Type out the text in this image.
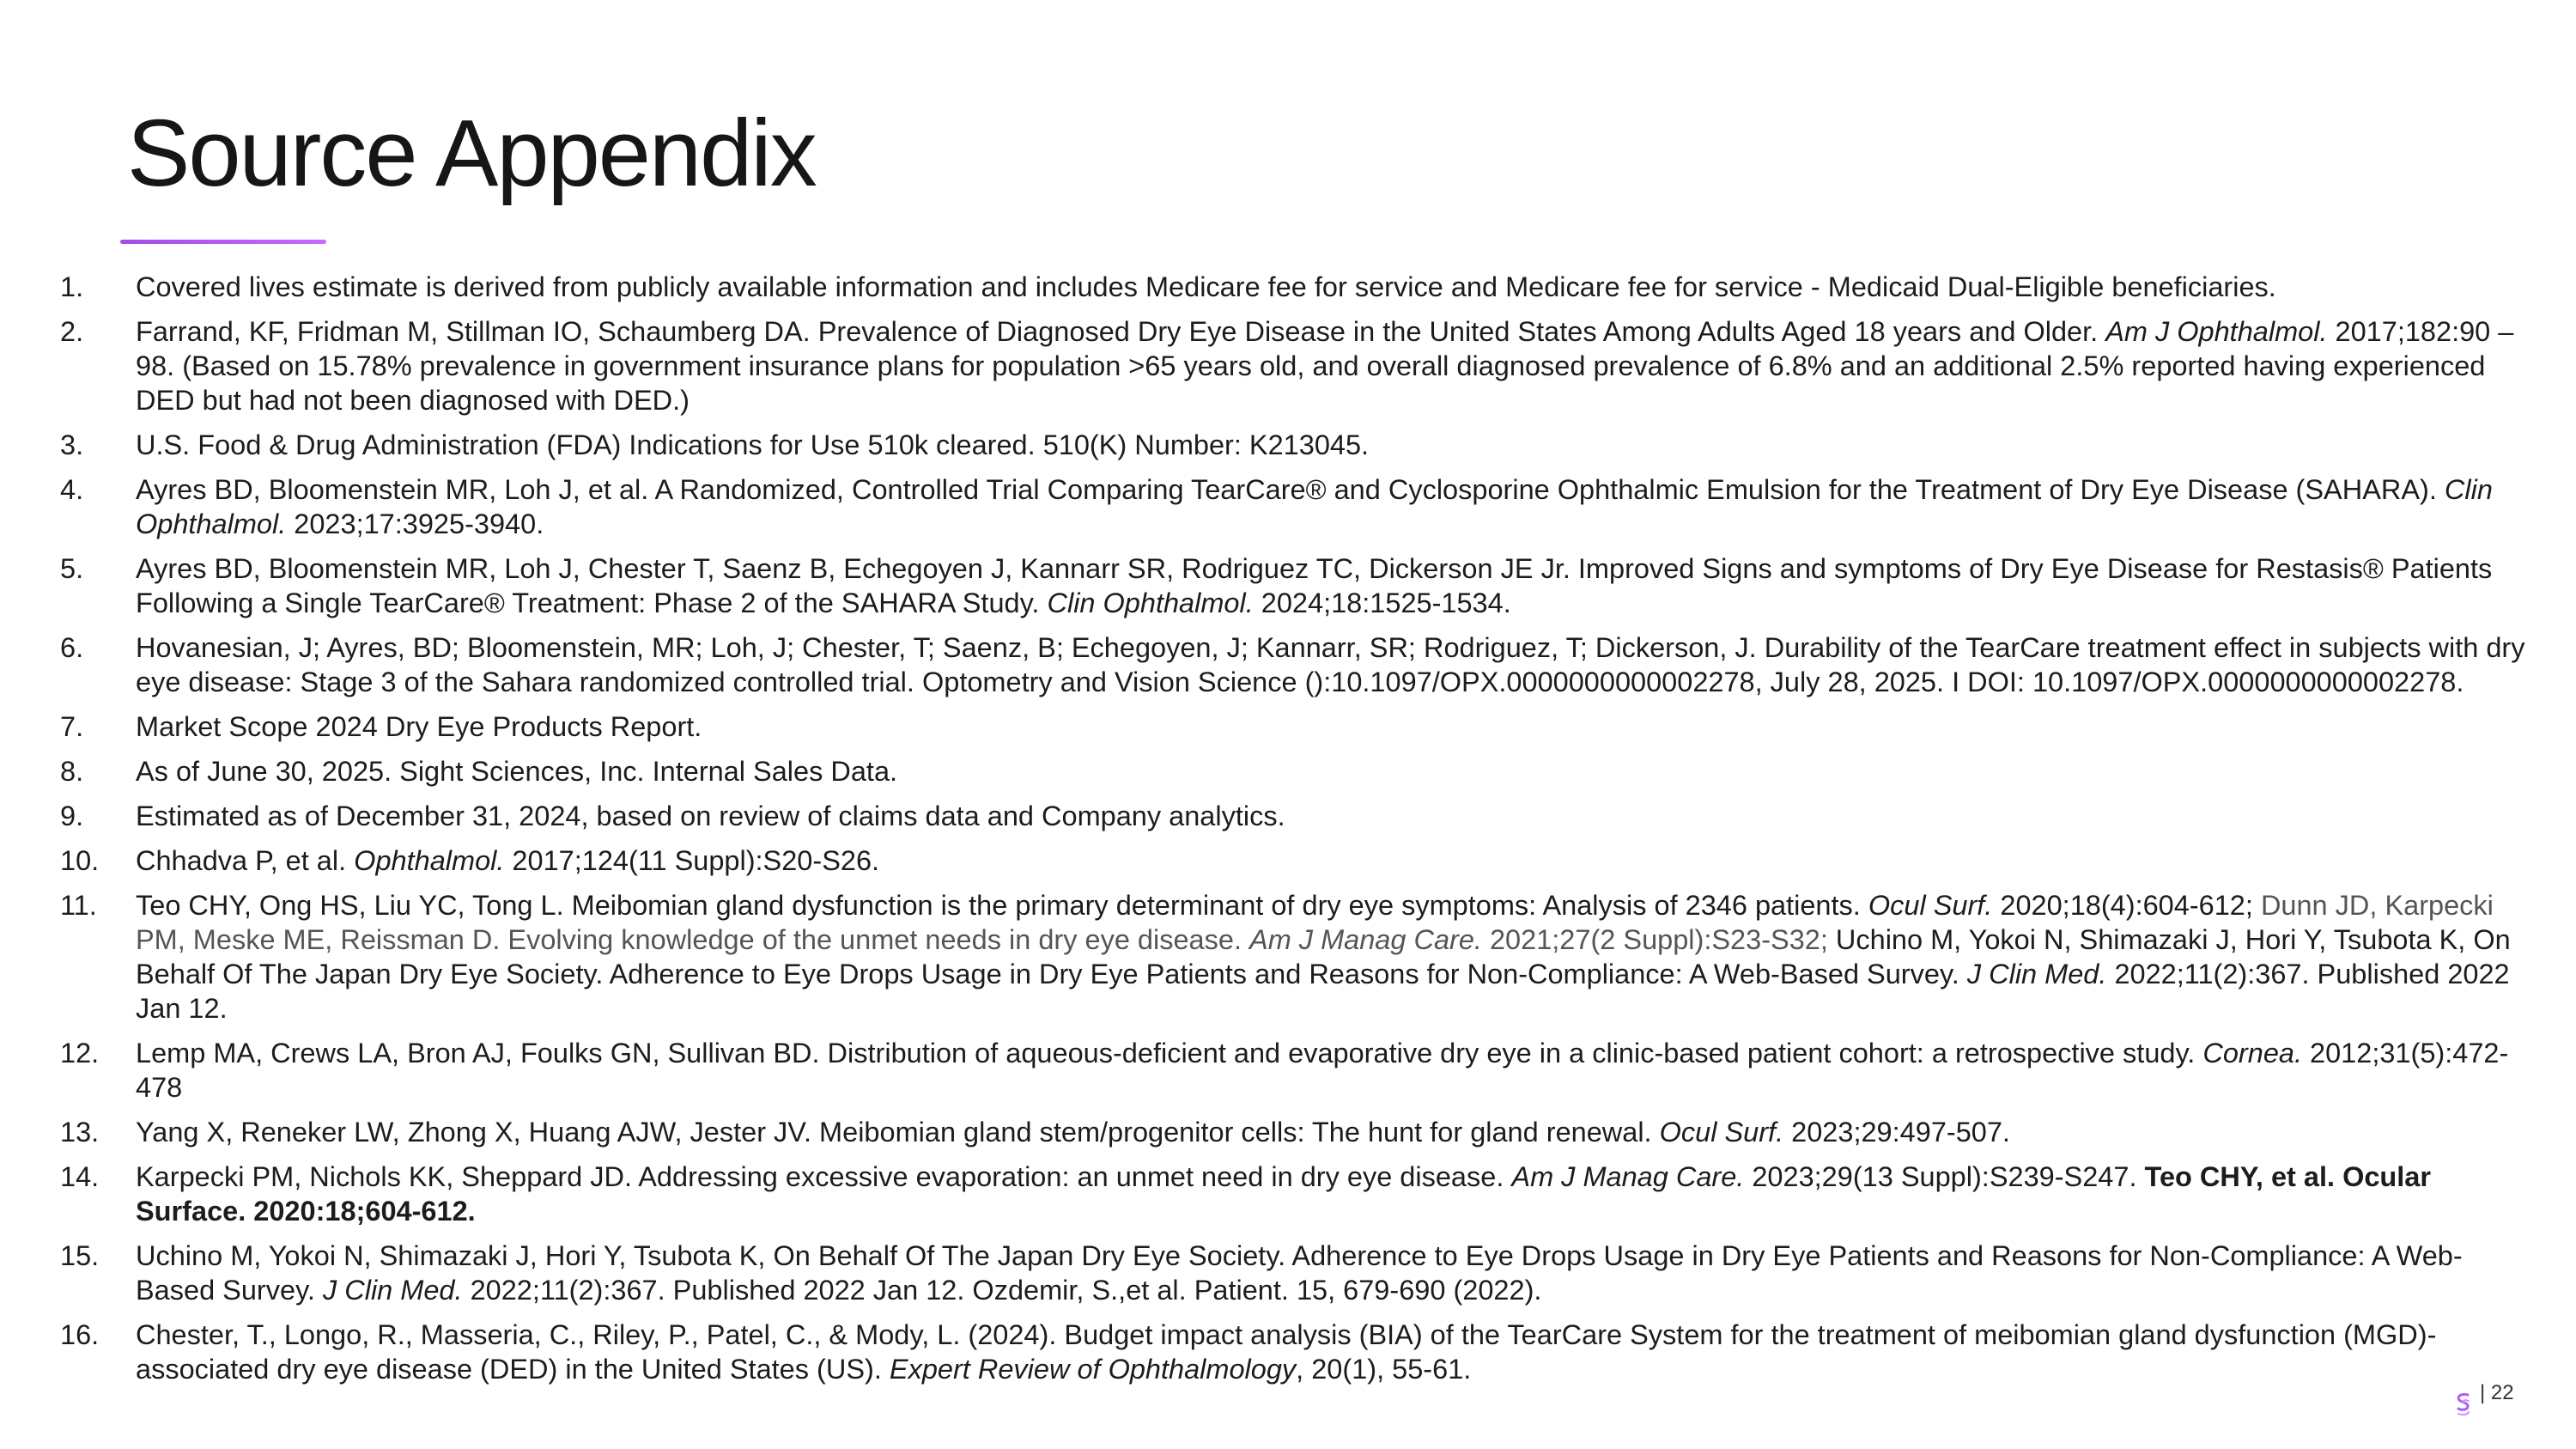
Source Appendix
1.	Covered lives estimate is derived from publicly available information and includes Medicare fee for service and Medicare fee for service - Medicaid Dual-Eligible beneficiaries.
2.	Farrand, KF, Fridman M, Stillman IO, Schaumberg DA. Prevalence of Diagnosed Dry Eye Disease in the United States Among Adults Aged 18 years and Older. Am J Ophthalmol. 2017;182:90 – 98. (Based on 15.78% prevalence in government insurance plans for population >65 years old, and overall diagnosed prevalence of 6.8% and an additional 2.5% reported having experienced DED but had not been diagnosed with DED.)
3.	U.S. Food & Drug Administration (FDA) Indications for Use 510k cleared. 510(K) Number: K213045.
4.	Ayres BD, Bloomenstein MR, Loh J, et al. A Randomized, Controlled Trial Comparing TearCare® and Cyclosporine Ophthalmic Emulsion for the Treatment of Dry Eye Disease (SAHARA). Clin Ophthalmol. 2023;17:3925-3940.
5.	Ayres BD, Bloomenstein MR, Loh J, Chester T, Saenz B, Echegoyen J, Kannarr SR, Rodriguez TC, Dickerson JE Jr. Improved Signs and symptoms of Dry Eye Disease for Restasis® Patients Following a Single TearCare® Treatment: Phase 2 of the SAHARA Study. Clin Ophthalmol. 2024;18:1525-1534.
6.	Hovanesian, J; Ayres, BD; Bloomenstein, MR; Loh, J; Chester, T; Saenz, B; Echegoyen, J; Kannarr, SR; Rodriguez, T; Dickerson, J. Durability of the TearCare treatment effect in subjects with dry eye disease: Stage 3 of the Sahara randomized controlled trial. Optometry and Vision Science ():10.1097/OPX.0000000000002278, July 28, 2025. I DOI: 10.1097/OPX.0000000000002278.
7.	Market Scope 2024 Dry Eye Products Report.
8.	As of June 30, 2025. Sight Sciences, Inc. Internal Sales Data.
9.	Estimated as of December 31, 2024, based on review of claims data and Company analytics.
10.	Chhadva P, et al. Ophthalmol. 2017;124(11 Suppl):S20-S26.
11.	Teo CHY, Ong HS, Liu YC, Tong L. Meibomian gland dysfunction is the primary determinant of dry eye symptoms: Analysis of 2346 patients. Ocul Surf. 2020;18(4):604-612; Dunn JD, Karpecki PM, Meske ME, Reissman D. Evolving knowledge of the unmet needs in dry eye disease. Am J Manag Care. 2021;27(2 Suppl):S23-S32; Uchino M, Yokoi N, Shimazaki J, Hori Y, Tsubota K, On Behalf Of The Japan Dry Eye Society. Adherence to Eye Drops Usage in Dry Eye Patients and Reasons for Non-Compliance: A Web-Based Survey. J Clin Med. 2022;11(2):367. Published 2022 Jan 12.
12.	Lemp MA, Crews LA, Bron AJ, Foulks GN, Sullivan BD. Distribution of aqueous-deficient and evaporative dry eye in a clinic-based patient cohort: a retrospective study. Cornea. 2012;31(5):472-478
13.	Yang X, Reneker LW, Zhong X, Huang AJW, Jester JV. Meibomian gland stem/progenitor cells: The hunt for gland renewal. Ocul Surf. 2023;29:497-507.
14.	Karpecki PM, Nichols KK, Sheppard JD. Addressing excessive evaporation: an unmet need in dry eye disease. Am J Manag Care. 2023;29(13 Suppl):S239-S247. Teo CHY, et al. Ocular Surface. 2020:18;604-612.
15.	Uchino M, Yokoi N, Shimazaki J, Hori Y, Tsubota K, On Behalf Of The Japan Dry Eye Society. Adherence to Eye Drops Usage in Dry Eye Patients and Reasons for Non-Compliance: A Web-Based Survey. J Clin Med. 2022;11(2):367. Published 2022 Jan 12. Ozdemir, S.,et al. Patient. 15, 679-690 (2022).
16.	Chester, T., Longo, R., Masseria, C., Riley, P., Patel, C., & Mody, L. (2024). Budget impact analysis (BIA) of the TearCare System for the treatment of meibomian gland dysfunction (MGD)-associated dry eye disease (DED) in the United States (US). Expert Review of Ophthalmology, 20(1), 55-61.
| 22
